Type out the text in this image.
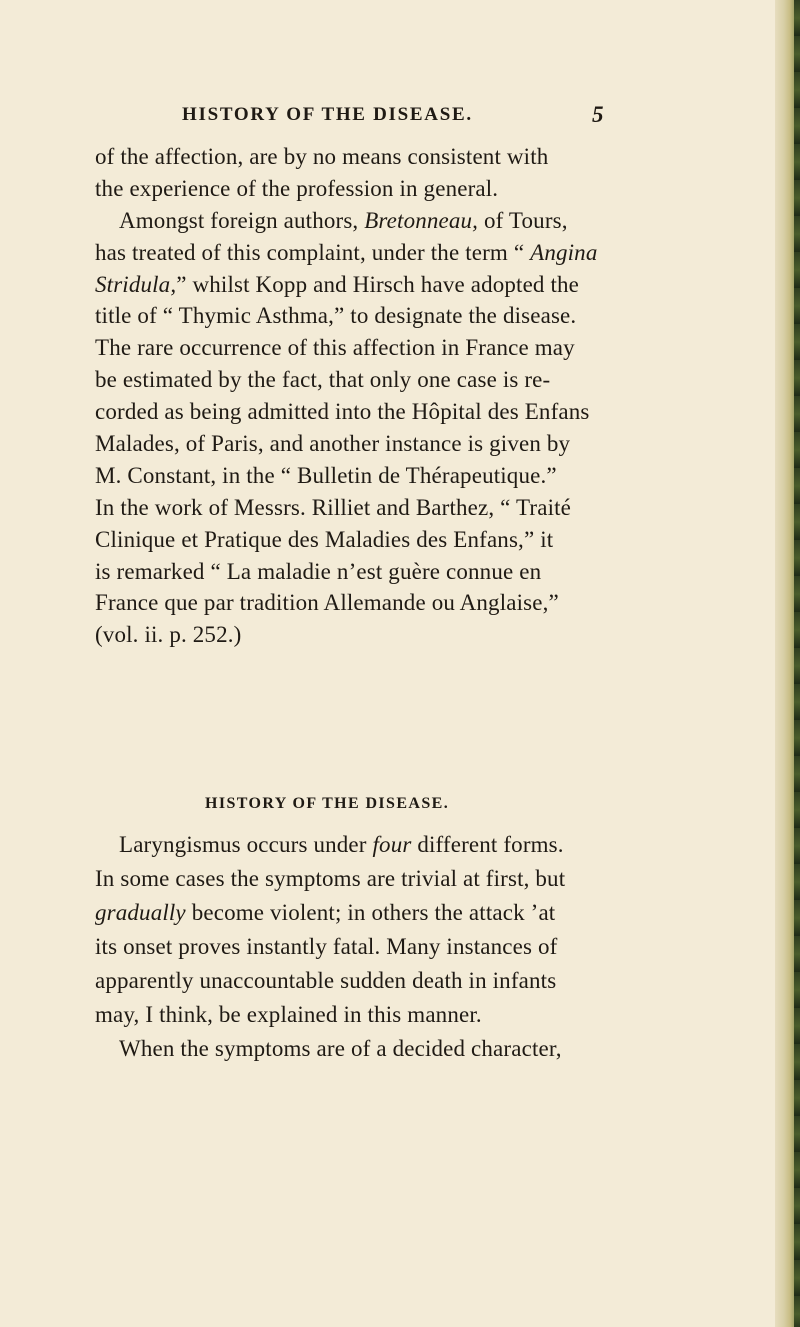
HISTORY OF THE DISEASE.	5
of the affection, are by no means consistent with
the experience of the profession in general.
Amongst foreign authors, Bretonneau, of Tours,
has treated of this complaint, under the term “ Angina
Stridula,” whilst Kopp and Hirsch have adopted the
title of “ Thymic Asthma,” to designate the disease.
The rare occurrence of this affection in France may
be estimated by the fact, that only one case is re-
corded as being admitted into the Hôpital des Enfans
Malades, of Paris, and another instance is given by
M. Constant, in the “ Bulletin de Thérapeutique.”
In the work of Messrs. Rilliet and Barthez, “ Traité
Clinique et Pratique des Maladies des Enfans,” it
is remarked “ La maladie n’est guère connue en
France que par tradition Allemande ou Anglaise,”
(vol. ii. p. 252.)
HISTORY OF THE DISEASE.
Laryngismus occurs under four different forms.
In some cases the symptoms are trivial at first, but
gradually become violent; in others the attack ’at
its onset proves instantly fatal. Many instances of
apparently unaccountable sudden death in infants
may, I think, be explained in this manner.
When the symptoms are of a decided character,
